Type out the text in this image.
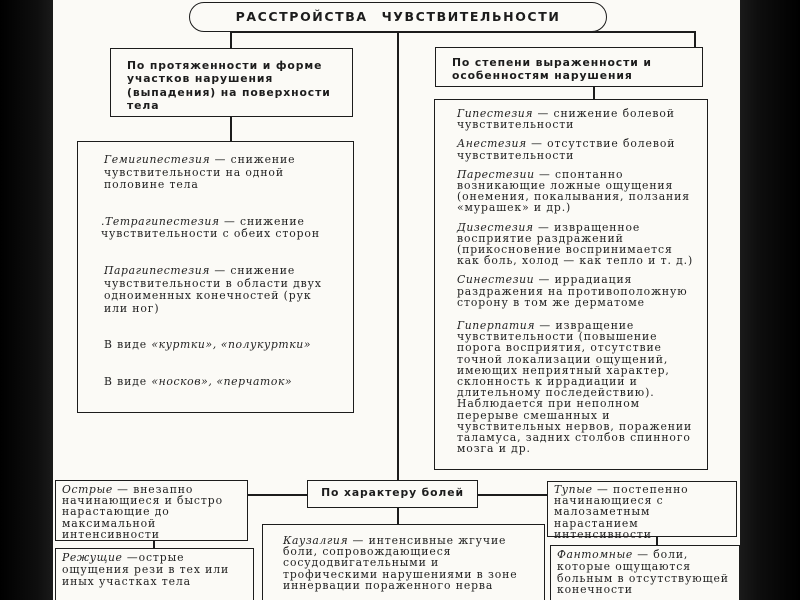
РАССТРОЙСТВА ЧУВСТВИТЕЛЬНОСТИ
По протяженности и форме участков нарушения (выпадения) на поверхности тела
По степени выраженности и особенностям нарушения
Гемигипестезия — снижение чувствительности на одной половине тела
.Тетрагипестезия — снижение чувствительности с обеих сторон
Парагипестезия — снижение чувствительности в области двух одноименных конечностей (рук или ног)
В виде «куртки», «полукуртки»
В виде «носков», «перчаток»
Гипестезия — снижение болевой чувствительности
Анестезия — отсутствие болевой чувствительности
Парестезии — спонтанно возникающие ложные ощущения (онемения, покалывания, ползания «мурашек» и др.)
Дизестезия — извращенное восприятие раздражений (прикосновение воспринимается как боль, холод — как тепло и т. д.)
Синестезии — иррадиация раздражения на противоположную сторону в том же дерматоме
Гиперпатия — извращение чувствительности (повышение порога восприятия, отсутствие точной локализации ощущений, имеющих неприятный характер, склонность к иррадиации и длительному последействию). Наблюдается при неполном перерыве смешанных и чувствительных нервов, поражении таламуса, задних столбов спинного мозга и др.
По характеру болей
Острые — внезапно начинающиеся и быстро нарастающие до максимальной интенсивности
Режущие —острые ощущения рези в тех или иных участках тела
Каузалгия — интенсивные жгучие боли, сопровождающиеся сосудодвигательными и трофическими нарушениями в зоне иннервации пораженного нерва
Тупые — постепенно начинающиеся с малозаметным нарастанием интенсивности
Фантомные — боли, которые ощущаются больным в отсутствующей конечности
